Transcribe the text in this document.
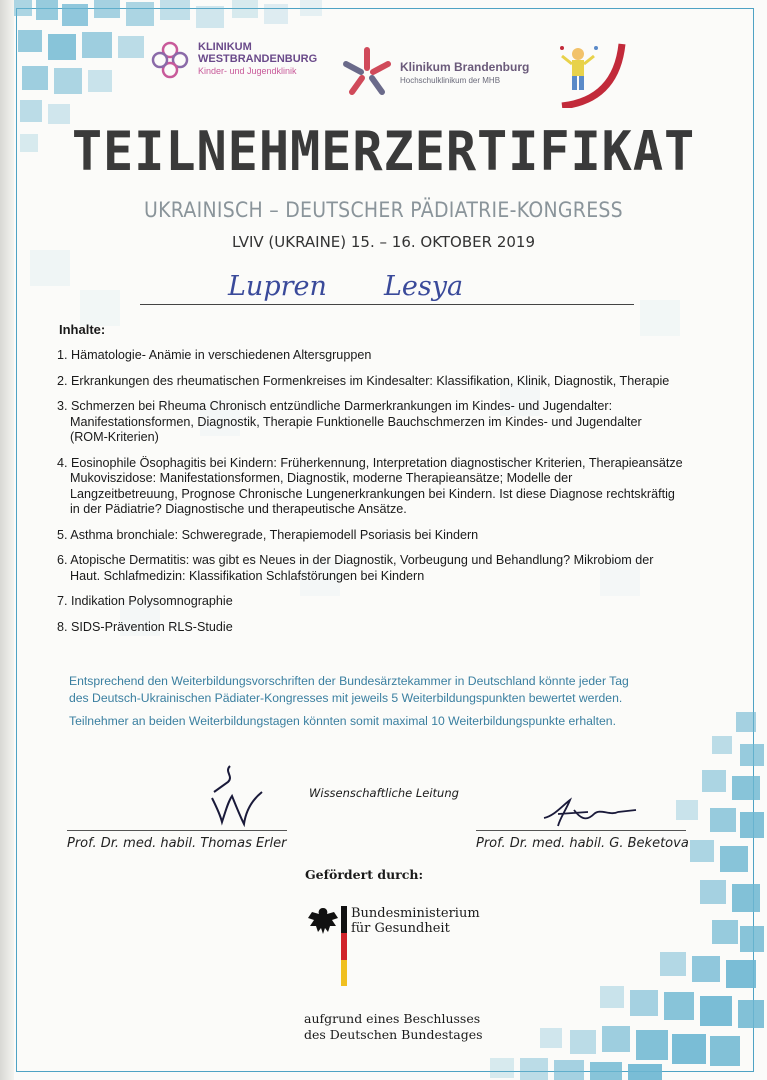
KLINIKUM
WESTBRANDENBURG
Kinder- und Jugendklinik	Klinikum Brandenburg
Hochschulklinikum der MHB
TEILNEHMERZERTIFIKAT
UKRAINISCH – DEUTSCHER PÄDIATRIE-KONGRESS
LVIV (UKRAINE) 15. – 16. OKTOBER 2019
Lupren Lesya
Inhalte:
1. Hämatologie- Anämie in verschiedenen Altersgruppen
2. Erkrankungen des rheumatischen Formenkreises im Kindesalter: Klassifikation, Klinik, Diagnostik, Therapie
3. Schmerzen bei Rheuma Chronisch entzündliche Darmerkrankungen im Kindes- und Jugendalter:
Manifestationsformen, Diagnostik, Therapie Funktionelle Bauchschmerzen im Kindes- und Jugendalter
(ROM-Kriterien)
4. Eosinophile Ösophagitis bei Kindern: Früherkennung, Interpretation diagnostischer Kriterien, Therapieansätze
Mukoviszidose: Manifestationsformen, Diagnostik, moderne Therapieansätze; Modelle der
Langzeitbetreuung, Prognose Chronische Lungenerkrankungen bei Kindern. Ist diese Diagnose rechtskräftig
in der Pädiatrie? Diagnostische und therapeutische Ansätze.
5. Asthma bronchiale: Schweregrade, Therapiemodell Psoriasis bei Kindern
6. Atopische Dermatitis: was gibt es Neues in der Diagnostik, Vorbeugung und Behandlung? Mikrobiom der
Haut. Schlafmedizin: Klassifikation Schlafstörungen bei Kindern
7. Indikation Polysomnographie
8. SIDS-Prävention RLS-Studie
Entsprechend den Weiterbildungsvorschriften der Bundesärztekammer in Deutschland könnte jeder Tag
des Deutsch-Ukrainischen Pädiater-Kongresses mit jeweils 5 Weiterbildungspunkten bewertet werden.
Teilnehmer an beiden Weiterbildungstagen könnten somit maximal 10 Weiterbildungspunkte erhalten.
Prof. Dr. med. habil. Thomas Erler
Wissenschaftliche Leitung
Prof. Dr. med. habil. G. Beketova
Gefördert durch:
Bundesministerium
für Gesundheit
aufgrund eines Beschlusses
des Deutschen Bundestages
